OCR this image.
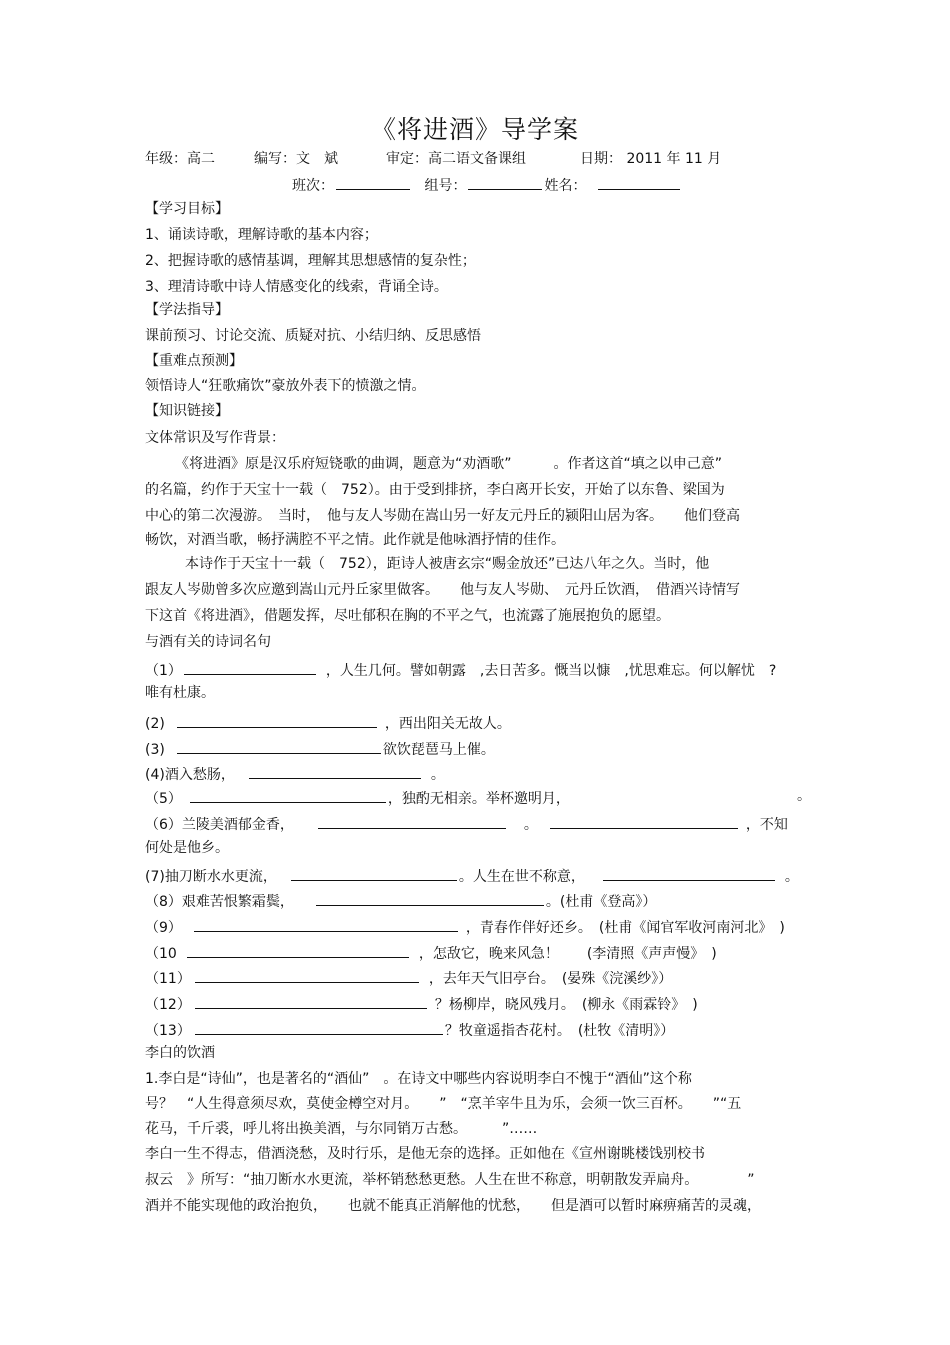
《将进酒》导学案
年级：高二	编写：文　斌	审定：高二语文备课组	日期： 2011 年 11 月
班次：	组号：	姓名：
【学习目标】
1、诵读诗歌，理解诗歌的基本内容；
2、把握诗歌的感情基调，理解其思想感情的复杂性；
3、理清诗歌中诗人情感变化的线索，背诵全诗。
【学法指导】
课前预习、讨论交流、质疑对抗、小结归纳、反思感悟
【重难点预测】
领悟诗人“狂歌痛饮”豪放外表下的愤激之情。
【知识链接】
文体常识及写作背景：
《将进酒》原是汉乐府短铙歌的曲调，题意为“劝酒歌”　　　。作者这首“填之以申己意”
的名篇，约作于天宝十一载（　752）。由于受到排挤，李白离开长安，开始了以东鲁、梁国为
中心的第二次漫游。　当时，　他与友人岑勋在嵩山另一好友元丹丘的颍阳山居为客。　　他们登高
畅饮，对酒当歌，畅抒满腔不平之情。此作就是他咏酒抒情的佳作。
本诗作于天宝十一载（　752），距诗人被唐玄宗“赐金放还”已达八年之久。当时，他
跟友人岑勋曾多次应邀到嵩山元丹丘家里做客。　　他与友人岑勋、　元丹丘饮酒，　借酒兴诗情写
下这首《将进酒》，借题发挥，尽吐郁积在胸的不平之气，也流露了施展抱负的愿望。
与酒有关的诗词名句
（1）	，人生几何。譬如朝露　,去日苦多。慨当以慷　,忧思难忘。何以解忧　?
唯有杜康。
(2)	，西出阳关无故人。
(3)	欲饮琵琶马上催。
(4)酒入愁肠，	。
（5）	，独酌无相亲。举杯邀明月，	。
（6）兰陵美酒郁金香，	。	，不知
何处是他乡。
(7)抽刀断水水更流，	。人生在世不称意，	。
（8）艰难苦恨繁霜鬓，	。(杜甫《登高》）
（9）	，青春作伴好还乡。　(杜甫《闻官军收河南河北》　)
（10	，怎敌它，晚来风急！　　(李清照《声声慢》　)
（11）	，去年天气旧亭台。　(晏殊《浣溪纱》）
（12）	？杨柳岸，晓风残月。　(柳永《雨霖铃》　)
（13）	？牧童遥指杏花村。　(杜牧《清明》）
李白的饮酒
1.李白是“诗仙”，也是著名的“酒仙”　。在诗文中哪些内容说明李白不愧于“酒仙”这个称
号？　“人生得意须尽欢，莫使金樽空对月。　　”　“烹羊宰牛且为乐，会须一饮三百杯。　　”“五
花马，千斤裘，呼儿将出换美酒，与尔同销万古愁。　　　”……
李白一生不得志，借酒浇愁，及时行乐，是他无奈的选择。正如他在《宣州谢眺楼饯别校书
叔云　》所写：“抽刀断水水更流，举杯销愁愁更愁。人生在世不称意，明朝散发弄扁舟。　　　　”
酒并不能实现他的政治抱负，　　也就不能真正消解他的忧愁，　　但是酒可以暂时麻痹痛苦的灵魂，
